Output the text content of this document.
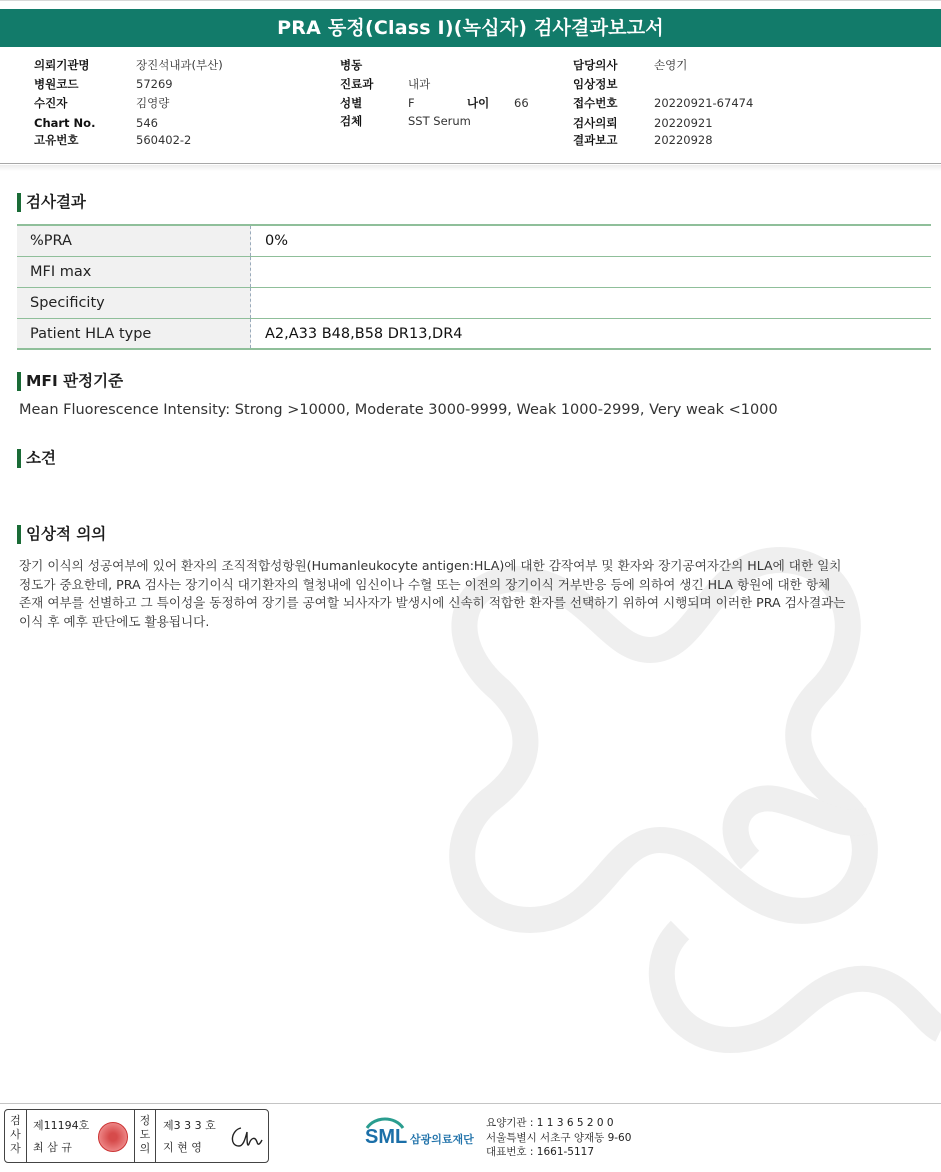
PRA 동정(Class I)(녹십자) 검사결과보고서
의뢰기관명	장진석내과(부산)
병원코드	57269
수진자	김영량
Chart No.	546
고유번호	560402-2
병동
진료과	내과
성별	F	나이 66
검체	SST Serum
담당의사	손영기
임상정보
접수번호	20220921-67474
검사의뢰	20220921
결과보고	20220928
검사결과
%PRA	0%
MFI max
Specificity
Patient HLA type	A2,A33 B48,B58 DR13,DR4
MFI 판정기준
Mean Fluorescence Intensity: Strong >10000, Moderate 3000-9999, Weak 1000-2999, Very weak <1000
소견
임상적 의의
장기 이식의 성공여부에 있어 환자의 조직적합성항원(Humanleukocyte antigen:HLA)에 대한 감작여부 및 환자와 장기공여자간의 HLA에 대한 일치
정도가 중요한데, PRA 검사는 장기이식 대기환자의 혈청내에 임신이나 수혈 또는 이전의 장기이식 거부반응 등에 의하여 생긴 HLA 항원에 대한 항체
존재 여부를 선별하고 그 특이성을 동정하여 장기를 공여할 뇌사자가 발생시에 신속히 적합한 환자를 선택하기 위하여 시행되며 이러한 PRA 검사결과는
이식 후 예후 판단에도 활용됩니다.
검
사
자
제11194호
최 삼 규
정
도
의
제3 3 3 호
지 현 영	SML 삼광의료재단
요양기관 : 1 1 3 6 5 2 0 0
서울특별시 서초구 양재동 9-60
대표번호 : 1661-5117
